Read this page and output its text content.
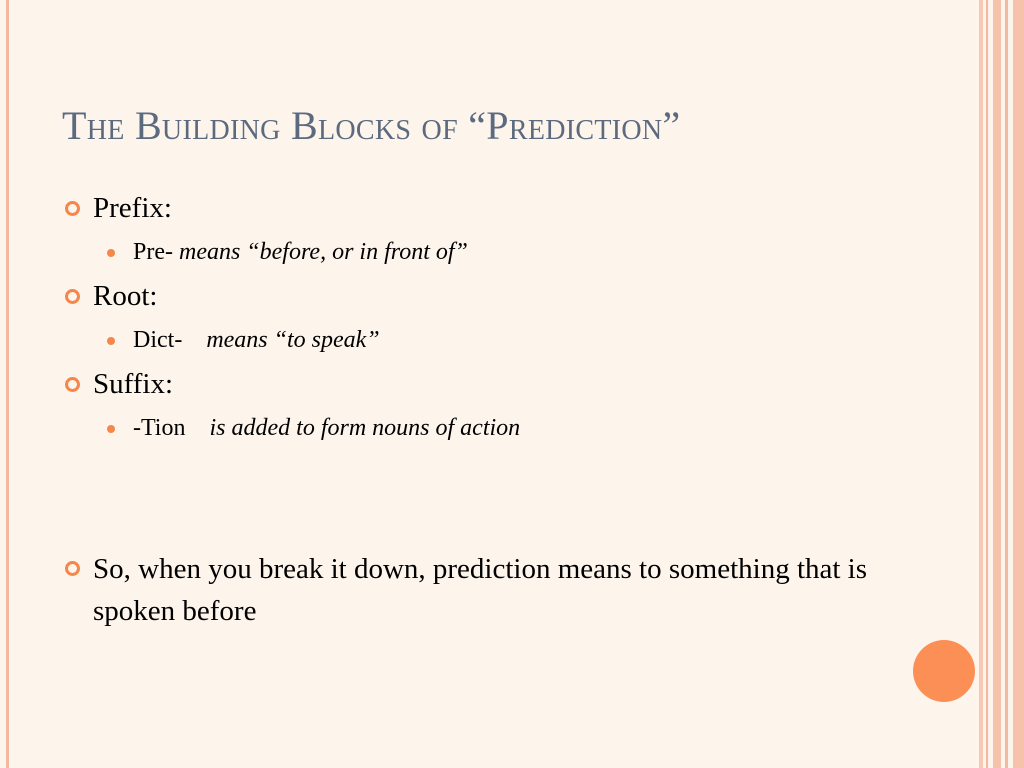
The Building Blocks of “Prediction”
Prefix:
Pre- means “before, or in front of”
Root:
Dict- means “to speak”
Suffix:
-Tion is added to form nouns of action
So, when you break it down, prediction means to something that is spoken before
